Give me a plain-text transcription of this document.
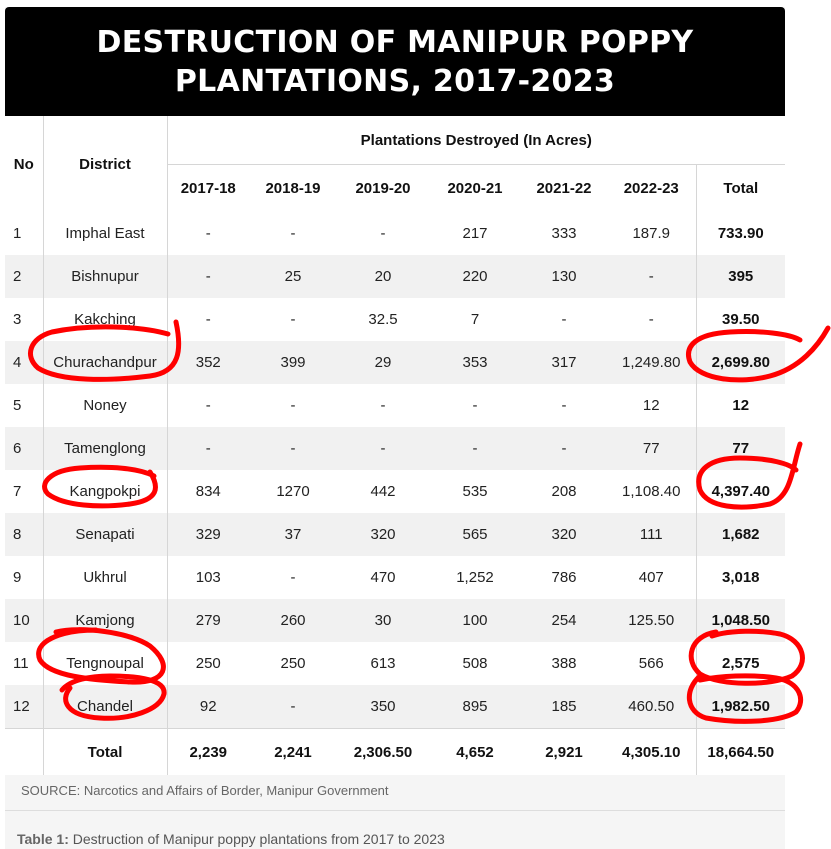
DESTRUCTION OF MANIPUR POPPY
PLANTATIONS, 2017-2023
No	District	Plantations Destroyed (In Acres)						
		2017-18	2018-19	2019-20	2020-21	2021-22	2022-23	Total
1	Imphal East	-	-	-	217	333	187.9	733.90
2	Bishnupur	-	25	20	220	130	-	395
3	Kakching	-	-	32.5	7	-	-	39.50
4	Churachandpur	352	399	29	353	317	1,249.80	2,699.80
5	Noney	-	-	-	-	-	12	12
6	Tamenglong	-	-	-	-	-	77	77
7	Kangpokpi	834	1270	442	535	208	1,108.40	4,397.40
8	Senapati	329	37	320	565	320	111	1,682
9	Ukhrul	103	-	470	1,252	786	407	3,018
10	Kamjong	279	260	30	100	254	125.50	1,048.50
11	Tengnoupal	250	250	613	508	388	566	2,575
12	Chandel	92	-	350	895	185	460.50	1,982.50
	Total	2,239	2,241	2,306.50	4,652	2,921	4,305.10	18,664.50
SOURCE: Narcotics and Affairs of Border, Manipur Government
Table 1: Destruction of Manipur poppy plantations from 2017 to 2023
